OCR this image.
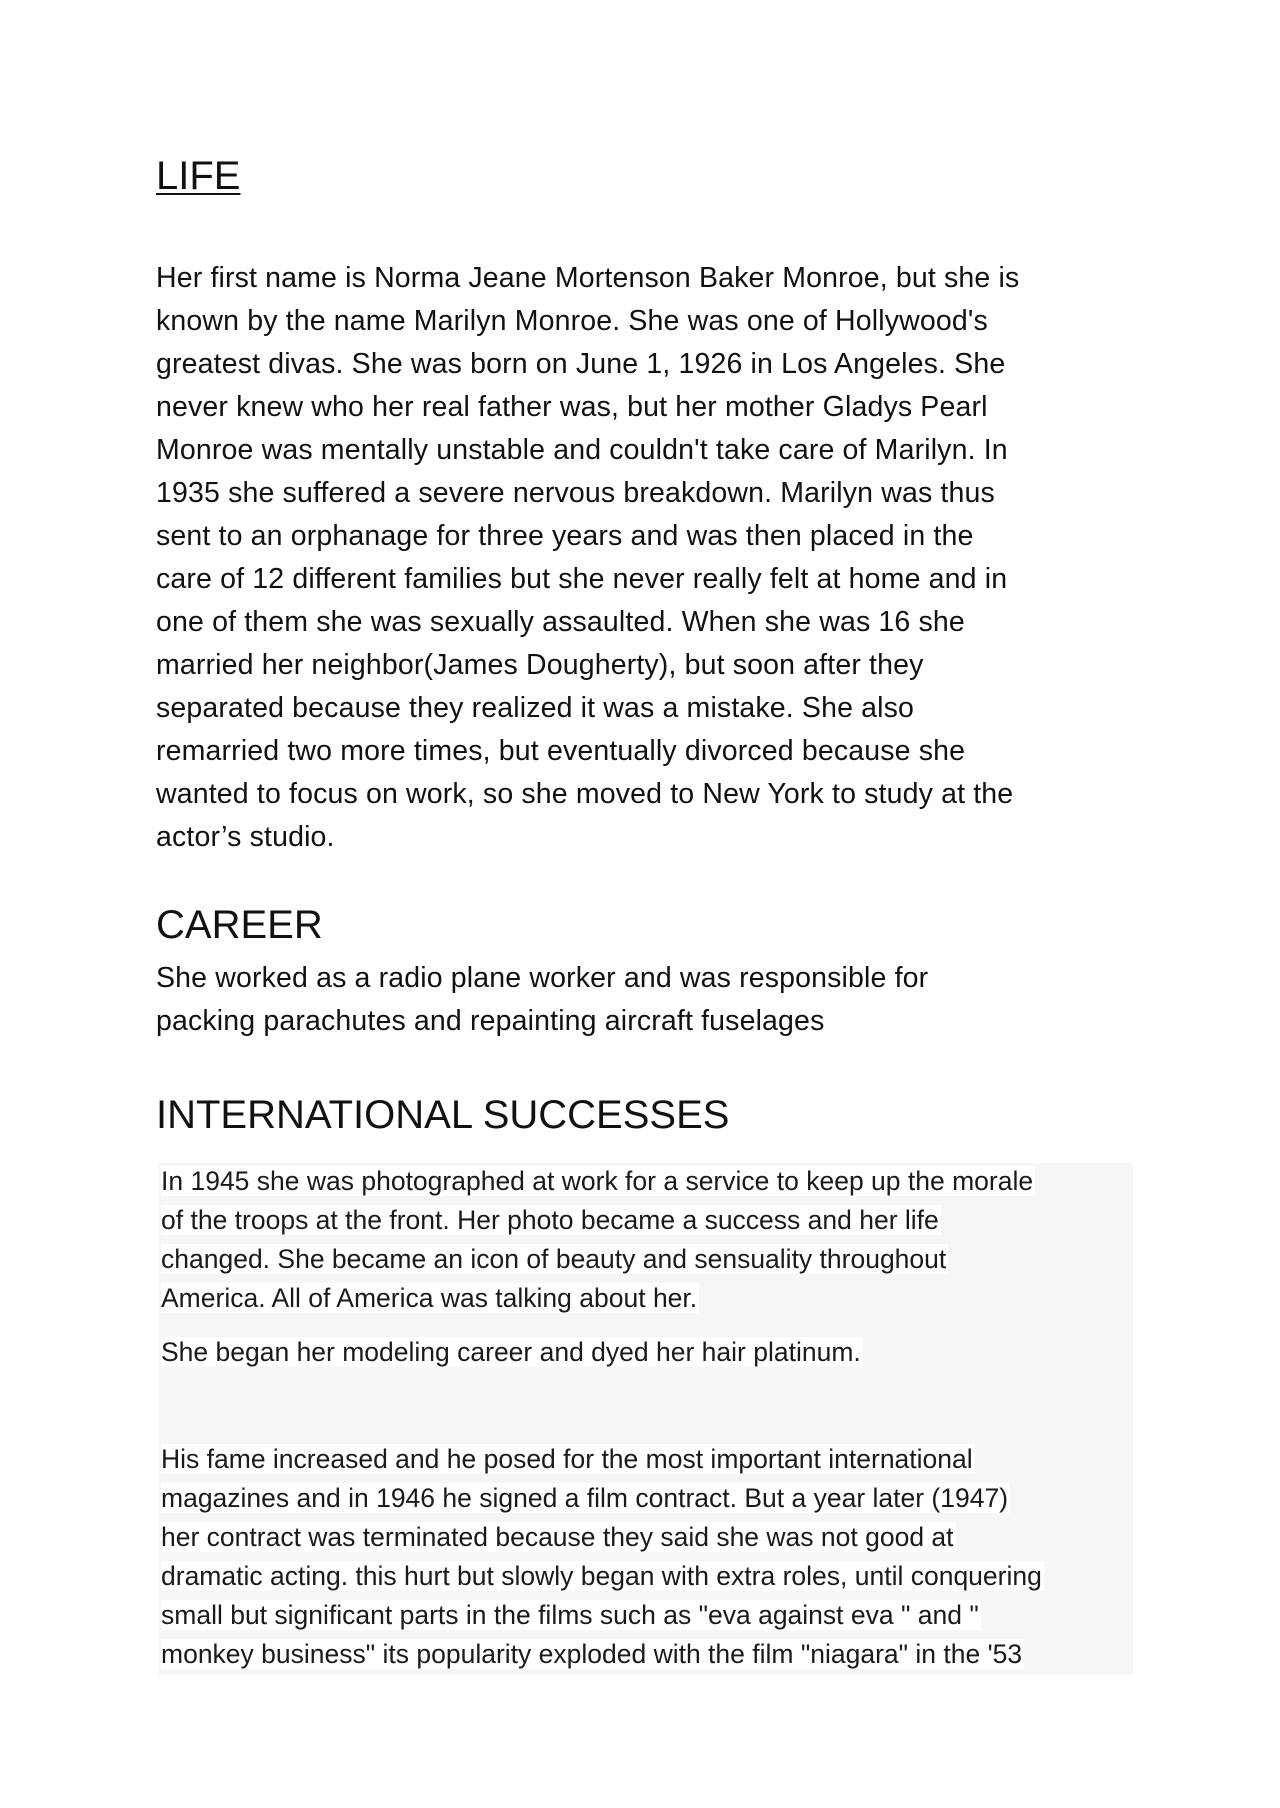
LIFE

Her first name is Norma Jeane Mortenson Baker Monroe, but she is
known by the name Marilyn Monroe. She was one of Hollywood's
greatest divas. She was born on June 1, 1926 in Los Angeles. She
never knew who her real father was, but her mother Gladys Pearl
Monroe was mentally unstable and couldn't take care of Marilyn. In
1935 she suffered a severe nervous breakdown. Marilyn was thus
sent to an orphanage for three years and was then placed in the
care of 12 different families but she never really felt at home and in
one of them she was sexually assaulted. When she was 16 she
married her neighbor(James Dougherty), but soon after they
separated because they realized it was a mistake. She also
remarried two more times, but eventually divorced because she
wanted to focus on work, so she moved to New York to study at the
actor’s studio.

CAREER

She worked as a radio plane worker and was responsible for
packing parachutes and repainting aircraft fuselages

INTERNATIONAL SUCCESSES

In 1945 she was photographed at work for a service to keep up the morale
of the troops at the front. Her photo became a success and her life
changed. She became an icon of beauty and sensuality throughout
America. All of America was talking about her.

She began her modeling career and dyed her hair platinum.

His fame increased and he posed for the most important international
magazines and in 1946 he signed a film contract. But a year later (1947)
her contract was terminated because they said she was not good at
dramatic acting. this hurt but slowly began with extra roles, until conquering
small but significant parts in the films such as "eva against eva " and "
monkey business" its popularity exploded with the film "niagara" in the '53
